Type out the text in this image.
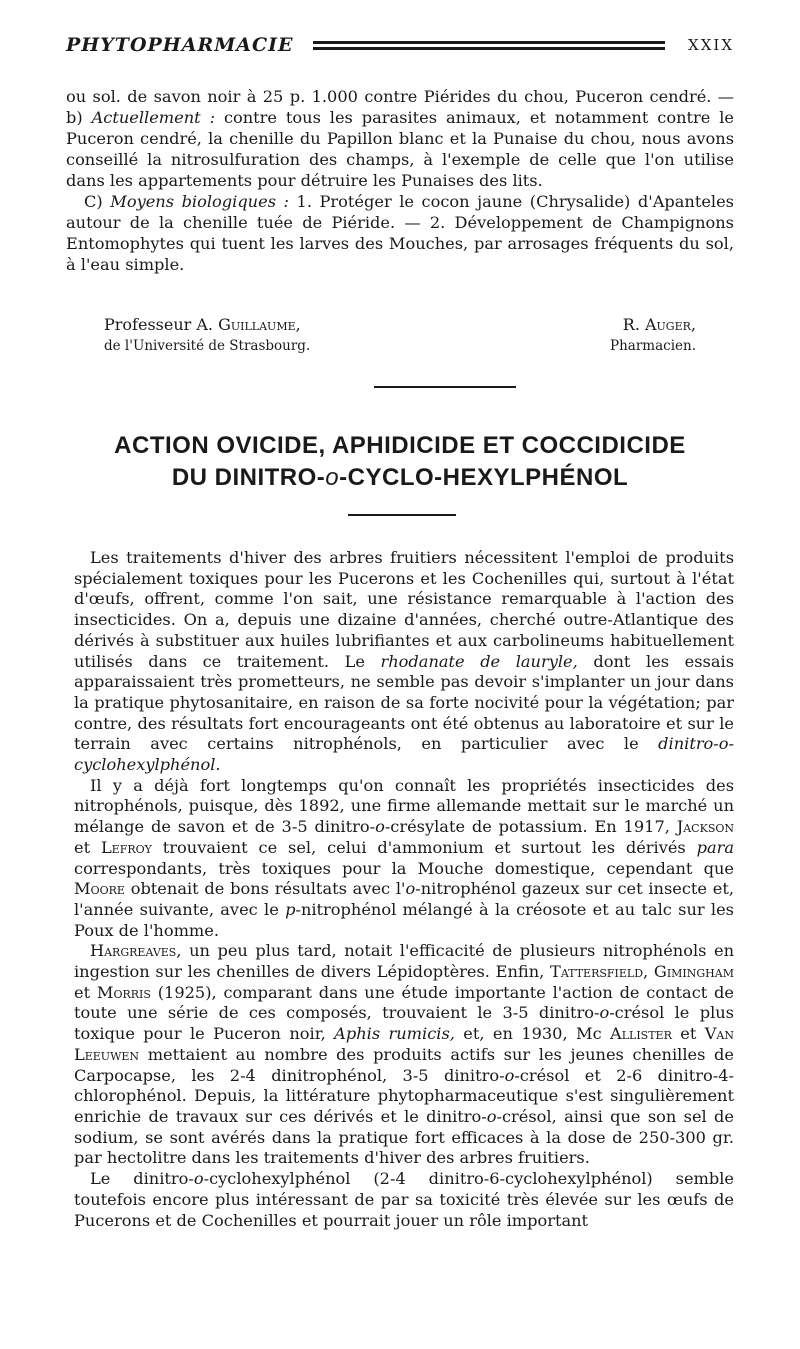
PHYTOPHARMACIE	XXIX

ou sol. de savon noir à 25 p. 1.000 contre Piérides du chou, Puceron cendré. — b) Actuellement : contre tous les parasites animaux, et notamment contre le Puceron cendré, la chenille du Papillon blanc et la Punaise du chou, nous avons conseillé la nitrosulfuration des champs, à l'exemple de celle que l'on utilise dans les appartements pour détruire les Punaises des lits.

C) Moyens biologiques : 1. Protéger le cocon jaune (Chrysalide) d'Apanteles autour de la chenille tuée de Piéride. — 2. Développement de Champignons Entomophytes qui tuent les larves des Mouches, par arrosages fréquents du sol, à l'eau simple.

Professeur A. Guillaume,
de l'Université de Strasbourg.
R. Auger,
Pharmacien.
ACTION OVICIDE, APHIDICIDE ET COCCIDICIDE
DU DINITRO-o-CYCLO-HEXYLPHÉNOL

Les traitements d'hiver des arbres fruitiers nécessitent l'emploi de produits spécialement toxiques pour les Pucerons et les Cochenilles qui, surtout à l'état d'œufs, offrent, comme l'on sait, une résistance remarquable à l'action des insecticides. On a, depuis une dizaine d'années, cherché outre-Atlantique des dérivés à substituer aux huiles lubrifiantes et aux carbolineums habituellement utilisés dans ce traitement. Le rhodanate de lauryle, dont les essais apparaissaient très prometteurs, ne semble pas devoir s'implanter un jour dans la pratique phytosanitaire, en raison de sa forte nocivité pour la végétation; par contre, des résultats fort encourageants ont été obtenus au laboratoire et sur le terrain avec certains nitrophénols, en particulier avec le dinitro-o-cyclohexylphénol.

Il y a déjà fort longtemps qu'on connaît les propriétés insecticides des nitrophénols, puisque, dès 1892, une firme allemande mettait sur le marché un mélange de savon et de 3-5 dinitro-o-crésylate de potassium. En 1917, Jackson et Lefroy trouvaient ce sel, celui d'ammonium et surtout les dérivés para correspondants, très toxiques pour la Mouche domestique, cependant que Moore obtenait de bons résultats avec l'o-nitrophénol gazeux sur cet insecte et, l'année suivante, avec le p-nitrophénol mélangé à la créosote et au talc sur les Poux de l'homme.

Hargreaves, un peu plus tard, notait l'efficacité de plusieurs nitrophénols en ingestion sur les chenilles de divers Lépidoptères. Enfin, Tattersfield, Gimingham et Morris (1925), comparant dans une étude importante l'action de contact de toute une série de ces composés, trouvaient le 3-5 dinitro-o-crésol le plus toxique pour le Puceron noir, Aphis rumicis, et, en 1930, Mc Allister et Van Leeuwen mettaient au nombre des produits actifs sur les jeunes chenilles de Carpocapse, les 2-4 dinitrophénol, 3-5 dinitro-o-crésol et 2-6 dinitro-4-chlorophénol. Depuis, la littérature phytopharmaceutique s'est singulièrement enrichie de travaux sur ces dérivés et le dinitro-o-crésol, ainsi que son sel de sodium, se sont avérés dans la pratique fort efficaces à la dose de 250-300 gr. par hectolitre dans les traitements d'hiver des arbres fruitiers.

Le dinitro-o-cyclohexylphénol (2-4 dinitro-6-cyclohexylphénol) semble toutefois encore plus intéressant de par sa toxicité très élevée sur les œufs de Pucerons et de Cochenilles et pourrait jouer un rôle important
